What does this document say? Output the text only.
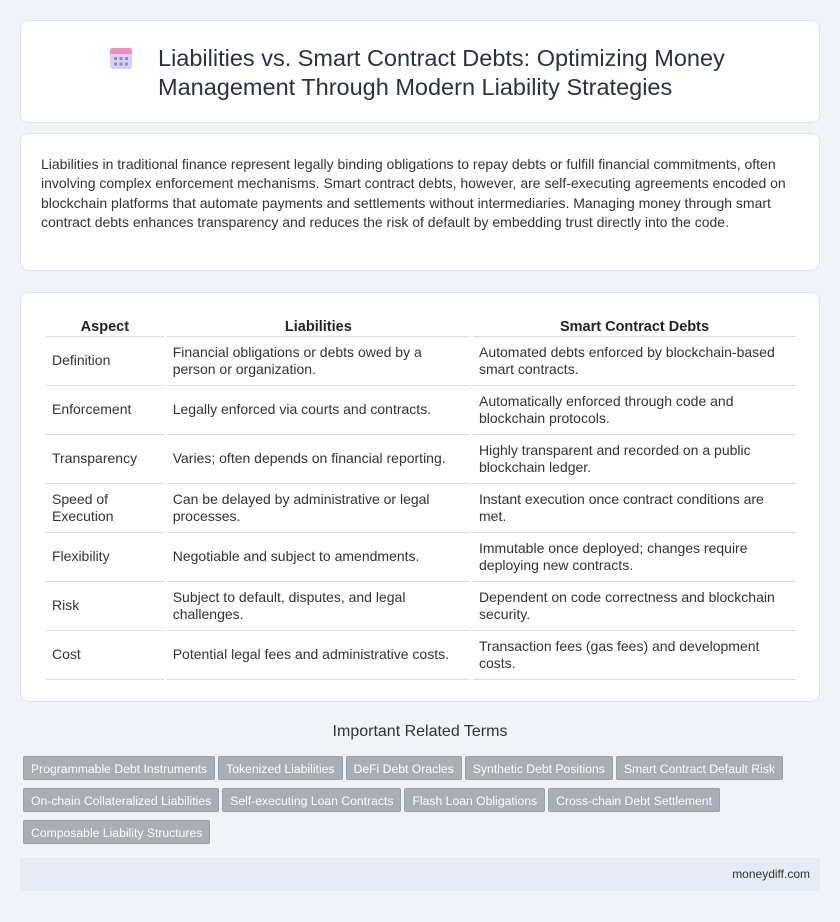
Liabilities vs. Smart Contract Debts: Optimizing Money Management Through Modern Liability Strategies

Liabilities in traditional finance represent legally binding obligations to repay debts or fulfill financial commitments, often involving complex enforcement mechanisms. Smart contract debts, however, are self-executing agreements encoded on blockchain platforms that automate payments and settlements without intermediaries. Managing money through smart contract debts enhances transparency and reduces the risk of default by embedding trust directly into the code.

Aspect	Liabilities	Smart Contract Debts
Definition	Financial obligations or debts owed by a person or organization.	Automated debts enforced by blockchain-based smart contracts.
Enforcement	Legally enforced via courts and contracts.	Automatically enforced through code and blockchain protocols.
Transparency	Varies; often depends on financial reporting.	Highly transparent and recorded on a public blockchain ledger.
Speed of Execution	Can be delayed by administrative or legal processes.	Instant execution once contract conditions are met.
Flexibility	Negotiable and subject to amendments.	Immutable once deployed; changes require deploying new contracts.
Risk	Subject to default, disputes, and legal challenges.	Dependent on code correctness and blockchain security.
Cost	Potential legal fees and administrative costs.	Transaction fees (gas fees) and development costs.
Important Related Terms
Programmable Debt Instruments Tokenized Liabilities DeFi Debt Oracles Synthetic Debt Positions Smart Contract Default Risk
On-chain Collateralized Liabilities Self-executing Loan Contracts Flash Loan Obligations Cross-chain Debt Settlement
Composable Liability Structures
moneydiff.com
